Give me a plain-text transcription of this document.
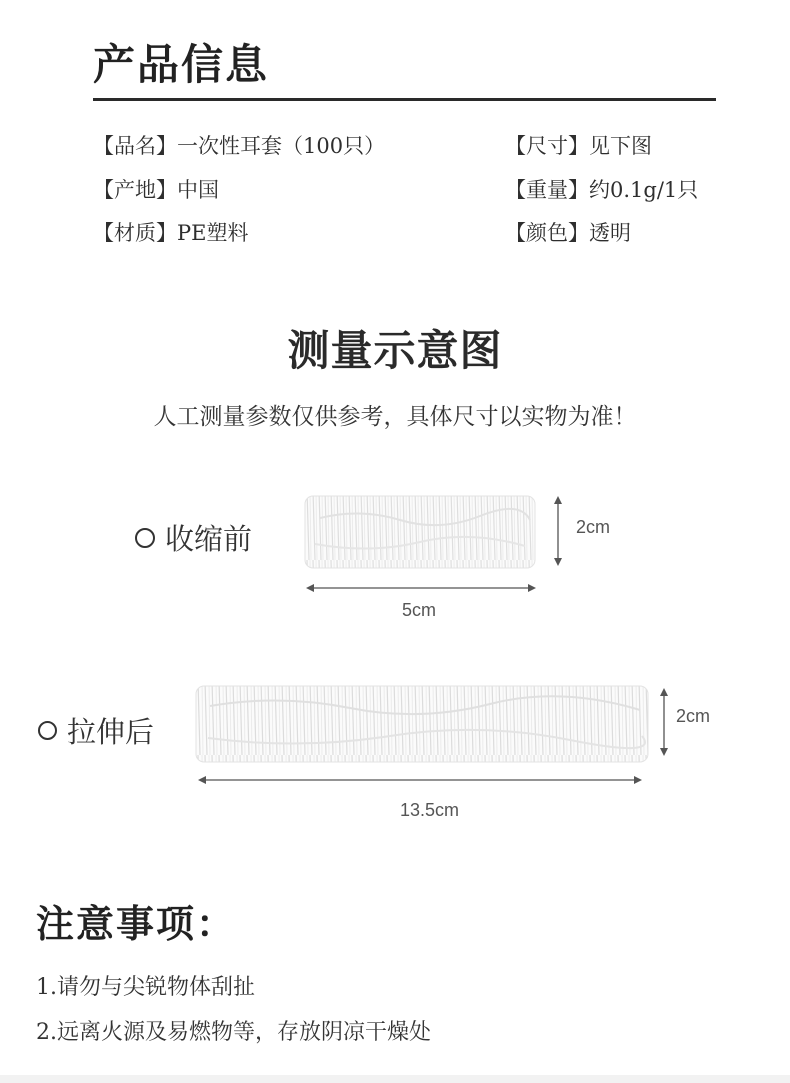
产品信息
【品名】一次性耳套（100只）
【产地】中国
【材质】PE塑料
【尺寸】见下图
【重量】约0.1g/1只
【颜色】透明
测量示意图
人工测量参数仅供参考，具体尺寸以实物为准！
收缩前	2cm
5cm
拉伸后	2cm
13.5cm
注意事项：
1.请勿与尖锐物体刮扯
2.远离火源及易燃物等，存放阴凉干燥处
